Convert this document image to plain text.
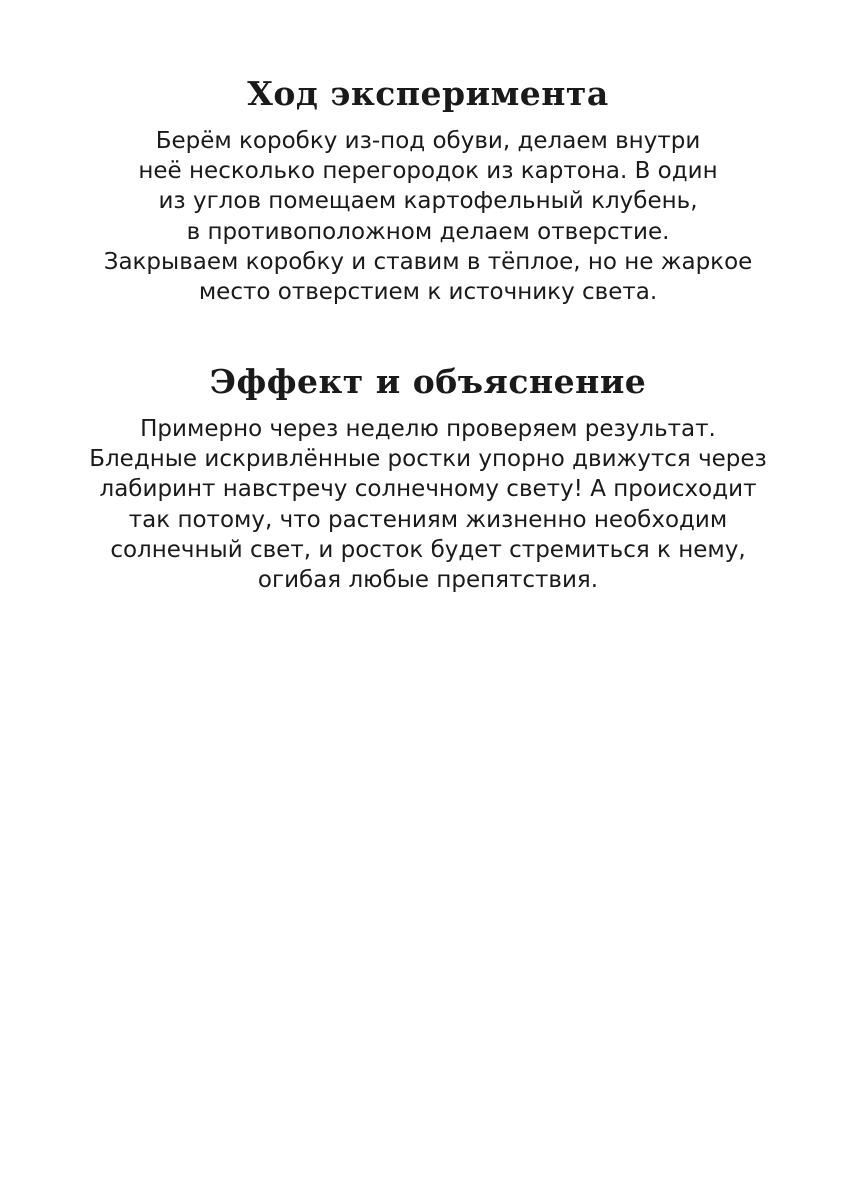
Ход эксперимента

Берём коробку из-под обуви, делаем внутри
неё несколько перегородок из картона. В один
из углов помещаем картофельный клубень,
в противоположном делаем отверстие.
Закрываем коробку и ставим в тёплое, но не жаркое
место отверстием к источнику света.

Эффект и объяснение

Примерно через неделю проверяем результат.
Бледные искривлённые ростки упорно движутся через
лабиринт навстречу солнечному свету! А происходит
так потому, что растениям жизненно необходим
солнечный свет, и росток будет стремиться к нему,
огибая любые препятствия.
